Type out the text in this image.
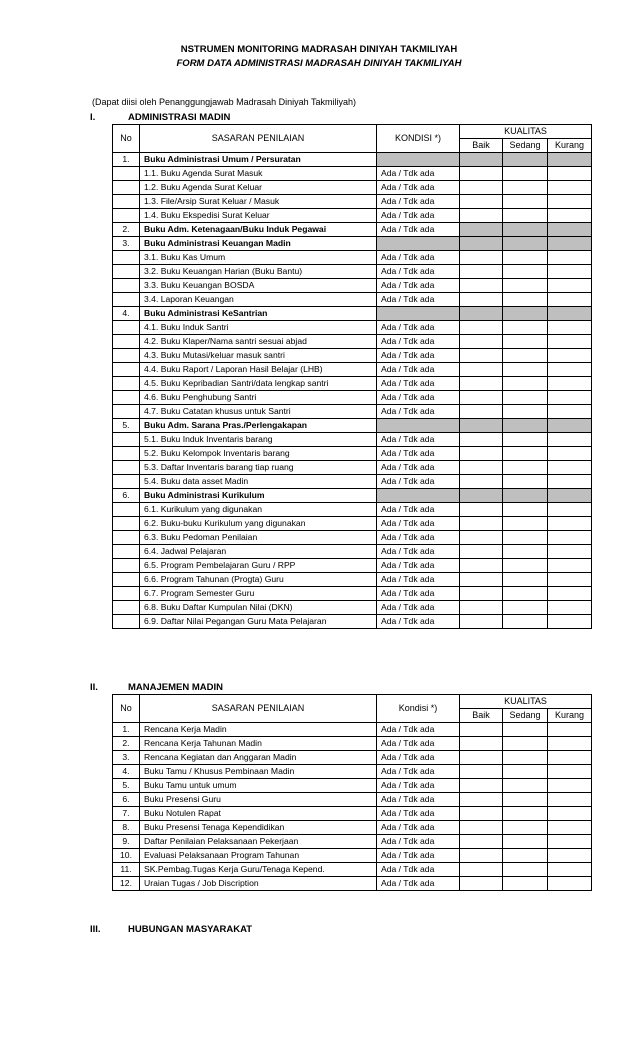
NSTRUMEN MONITORING MADRASAH DINIYAH TAKMILIYAH
FORM DATA ADMINISTRASI MADRASAH DINIYAH TAKMILIYAH
(Dapat diisi oleh Penanggungjawab Madrasah Diniyah Takmiliyah)
I.	ADMINISTRASI MADIN
No	SASARAN PENILAIAN	KONDISI *)	KUALITAS		
			Baik	Sedang	Kurang
1.	Buku Administrasi Umum / Persuratan				
	1.1. Buku Agenda Surat Masuk	Ada / Tdk ada			
	1.2. Buku Agenda Surat Keluar	Ada / Tdk ada			
	1.3. File/Arsip Surat Keluar / Masuk	Ada / Tdk ada			
	1.4. Buku Ekspedisi Surat Keluar	Ada / Tdk ada			
2.	Buku Adm. Ketenagaan/Buku Induk Pegawai	Ada / Tdk ada			
3.	Buku Administrasi Keuangan Madin				
	3.1. Buku Kas Umum	Ada / Tdk ada			
	3.2. Buku Keuangan Harian (Buku Bantu)	Ada / Tdk ada			
	3.3. Buku Keuangan BOSDA	Ada / Tdk ada			
	3.4. Laporan Keuangan	Ada / Tdk ada			
4.	Buku Administrasi KeSantrian				
	4.1. Buku Induk Santri	Ada / Tdk ada			
	4.2. Buku Klaper/Nama santri sesuai abjad	Ada / Tdk ada			
	4.3. Buku Mutasi/keluar masuk santri	Ada / Tdk ada			
	4.4. Buku Raport / Laporan Hasil Belajar (LHB)	Ada / Tdk ada			
	4.5. Buku Kepribadian Santri/data lengkap santri	Ada / Tdk ada			
	4.6. Buku Penghubung Santri	Ada / Tdk ada			
	4.7. Buku Catatan khusus untuk Santri	Ada / Tdk ada			
5.	Buku Adm. Sarana Pras./Perlengakapan				
	5.1. Buku Induk Inventaris barang	Ada / Tdk ada			
	5.2. Buku Kelompok Inventaris barang	Ada / Tdk ada			
	5.3. Daftar Inventaris barang tiap ruang	Ada / Tdk ada			
	5.4. Buku data asset Madin	Ada / Tdk ada			
6.	Buku Administrasi Kurikulum				
	6.1. Kurikulum yang digunakan	Ada / Tdk ada			
	6.2. Buku-buku Kurikulum yang digunakan	Ada / Tdk ada			
	6.3. Buku Pedoman Penilaian	Ada / Tdk ada			
	6.4. Jadwal Pelajaran	Ada / Tdk ada			
	6.5. Program Pembelajaran Guru / RPP	Ada / Tdk ada			
	6.6. Program Tahunan (Progta) Guru	Ada / Tdk ada			
	6.7. Program Semester Guru	Ada / Tdk ada			
	6.8. Buku Daftar Kumpulan Nilai (DKN)	Ada / Tdk ada			
	6.9. Daftar Nilai Pegangan Guru Mata Pelajaran	Ada / Tdk ada			
II.	MANAJEMEN MADIN
No	SASARAN PENILAIAN	Kondisi *)	KUALITAS		
			Baik	Sedang	Kurang
1.	Rencana Kerja Madin	Ada / Tdk ada			
2.	Rencana Kerja Tahunan Madin	Ada / Tdk ada			
3.	Rencana Kegiatan dan Anggaran Madin	Ada / Tdk ada			
4.	Buku Tamu / Khusus Pembinaan Madin	Ada / Tdk ada			
5.	Buku Tamu untuk umum	Ada / Tdk ada			
6.	Buku Presensi Guru	Ada / Tdk ada			
7.	Buku Notulen Rapat	Ada / Tdk ada			
8.	Buku Presensi Tenaga Kependidikan	Ada / Tdk ada			
9.	Daftar Penilaian Pelaksanaan Pekerjaan	Ada / Tdk ada			
10.	Evaluasi Pelaksanaan Program Tahunan	Ada / Tdk ada			
11.	SK.Pembag.Tugas Kerja Guru/Tenaga Kepend.	Ada / Tdk ada			
12.	Uraian Tugas / Job Discription	Ada / Tdk ada			
III.	HUBUNGAN MASYARAKAT
